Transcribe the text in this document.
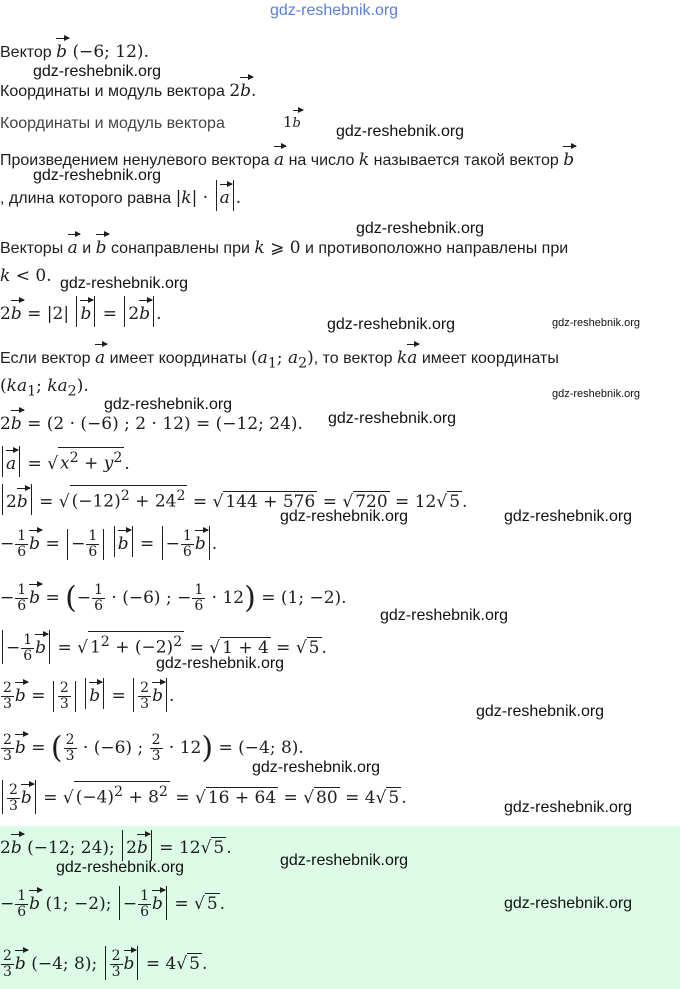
gdz-reshebnik.org
Вектор b (−6; 12).
Координаты и модуль вектора 2b.
Координаты и модуль вектора	1b
Произведением ненулевого вектора a на число k называется такой вектор b
, длина которого равна |k| · a .
Векторы a и b сонаправлены при k ⩾ 0 и противоположно направлены при
k < 0.
2b = |2| b = 2b .
Если вектор a имеет координаты ($a_1$; $a_2$), то вектор ka имеет координаты
($ka_1$; $ka_2$).
2b = (2 · (−6) ; 2 · 12) = (−12; 24).
a = √ $x^2 + y^2$ .
2b = √ $(-12)^2 + 24^2$ = √ 144 + 576 = √ 720 = 12√ 5 .
− $\frac{1}{6}$ b = − $\frac{1}{6}$ b = − $\frac{1}{6}$ b .
− $\frac{1}{6}$ b = (− $\frac{1}{6} \cdot (-6)$ ; − $\frac{1}{6} \cdot 12) = (1$; −2).
− $\frac{1}{6}$ b = √ $1^2 + (-2)^2$ = √ 1 + 4 = √ 5 .
$\frac{2}{3}$ $b = \frac{2}{3}$ $b = \frac{2}{3}$ b .
$\frac{2}{3}$ b = ( $\frac{2}{3} \cdot (-6)$ ; $\frac{2}{3} \cdot 12) = (-4$; 8).
$\frac{2}{3}$ b = √ $(-4)^2 + 8^2$ = √ 16 + 64 = √ 80 = 4√ 5 .
2b (−12; 24); 2b = 12√ 5 .
− $\frac{1}{6}$ b (1; −2); − $\frac{1}{6}$ b = √ 5 .
$\frac{2}{3}$ b (−4; 8); $\frac{2}{3}$ b = 4√ 5 .
gdz-reshebnik.org
gdz-reshebnik.org
gdz-reshebnik.org
gdz-reshebnik.org
gdz-reshebnik.org
gdz-reshebnik.org	gdz-reshebnik.org
gdz-reshebnik.org
gdz-reshebnik.org
gdz-reshebnik.org
gdz-reshebnik.org	gdz-reshebnik.org
gdz-reshebnik.org
gdz-reshebnik.org
gdz-reshebnik.org
gdz-reshebnik.org
gdz-reshebnik.org
gdz-reshebnik.org
gdz-reshebnik.org
gdz-reshebnik.org
